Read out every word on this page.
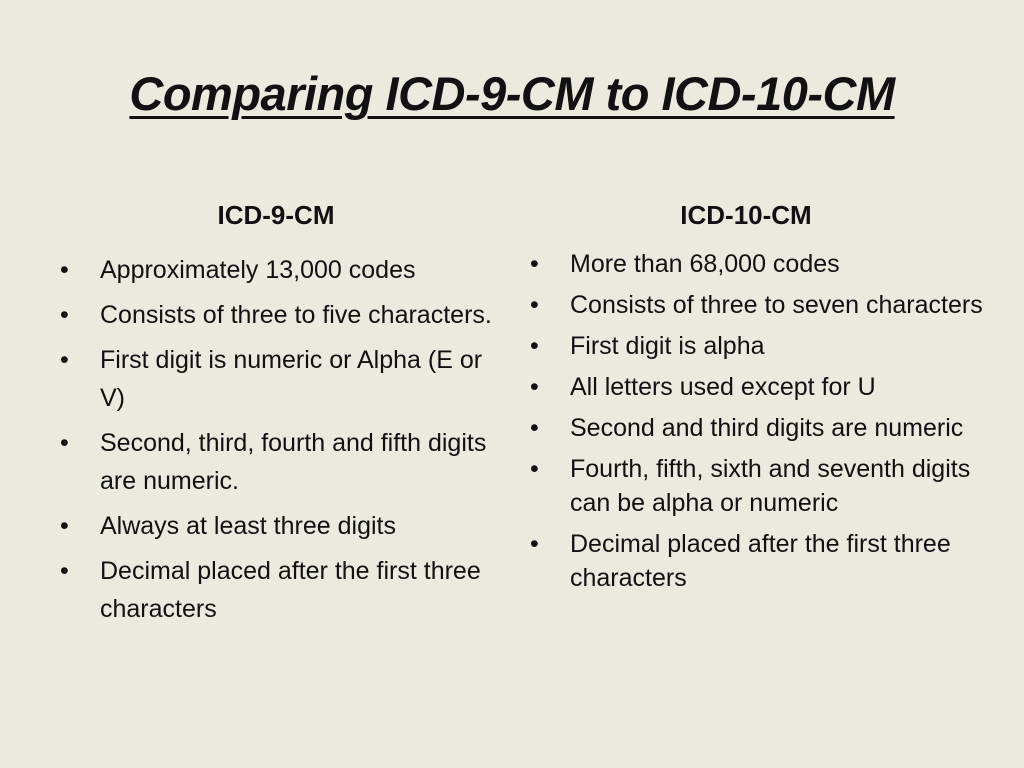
Comparing ICD-9-CM to ICD-10-CM
ICD-9-CM
• Approximately 13,000 codes
• Consists of three to five characters.
• First digit is numeric or Alpha (E or V)
• Second, third, fourth and fifth digits are numeric.
• Always at least three digits
• Decimal placed after the first three characters
ICD-10-CM
• More than 68,000 codes
• Consists of three to seven characters
• First digit is alpha
• All letters used except for U
• Second and third digits are numeric
• Fourth, fifth, sixth and seventh digits can be alpha or numeric
• Decimal placed after the first three characters
